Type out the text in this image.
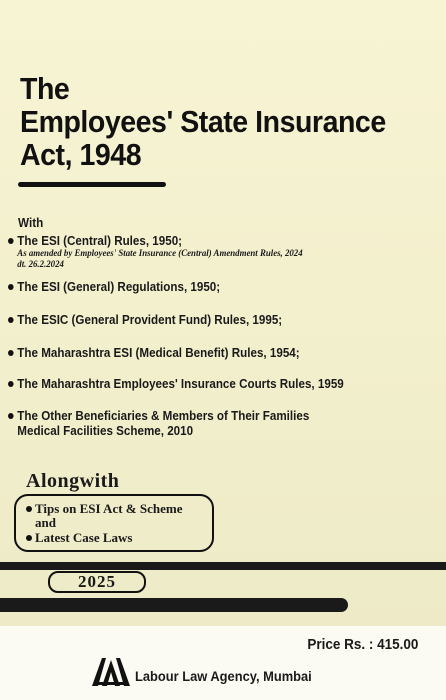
The
Employees' State Insurance
Act, 1948
With
The ESI (Central) Rules, 1950;
As amended by Employees' State Insurance (Central) Amendment Rules, 2024
dt. 26.2.2024
The ESI (General) Regulations, 1950;
The ESIC (General Provident Fund) Rules, 1995;
The Maharashtra ESI (Medical Benefit) Rules, 1954;
The Maharashtra Employees' Insurance Courts Rules, 1959
The Other Beneficiaries & Members of Their Families
Medical Facilities Scheme, 2010
Alongwith
Tips on ESI Act & Scheme
and
Latest Case Laws
2025
Price Rs. : 415.00
Labour Law Agency, Mumbai
